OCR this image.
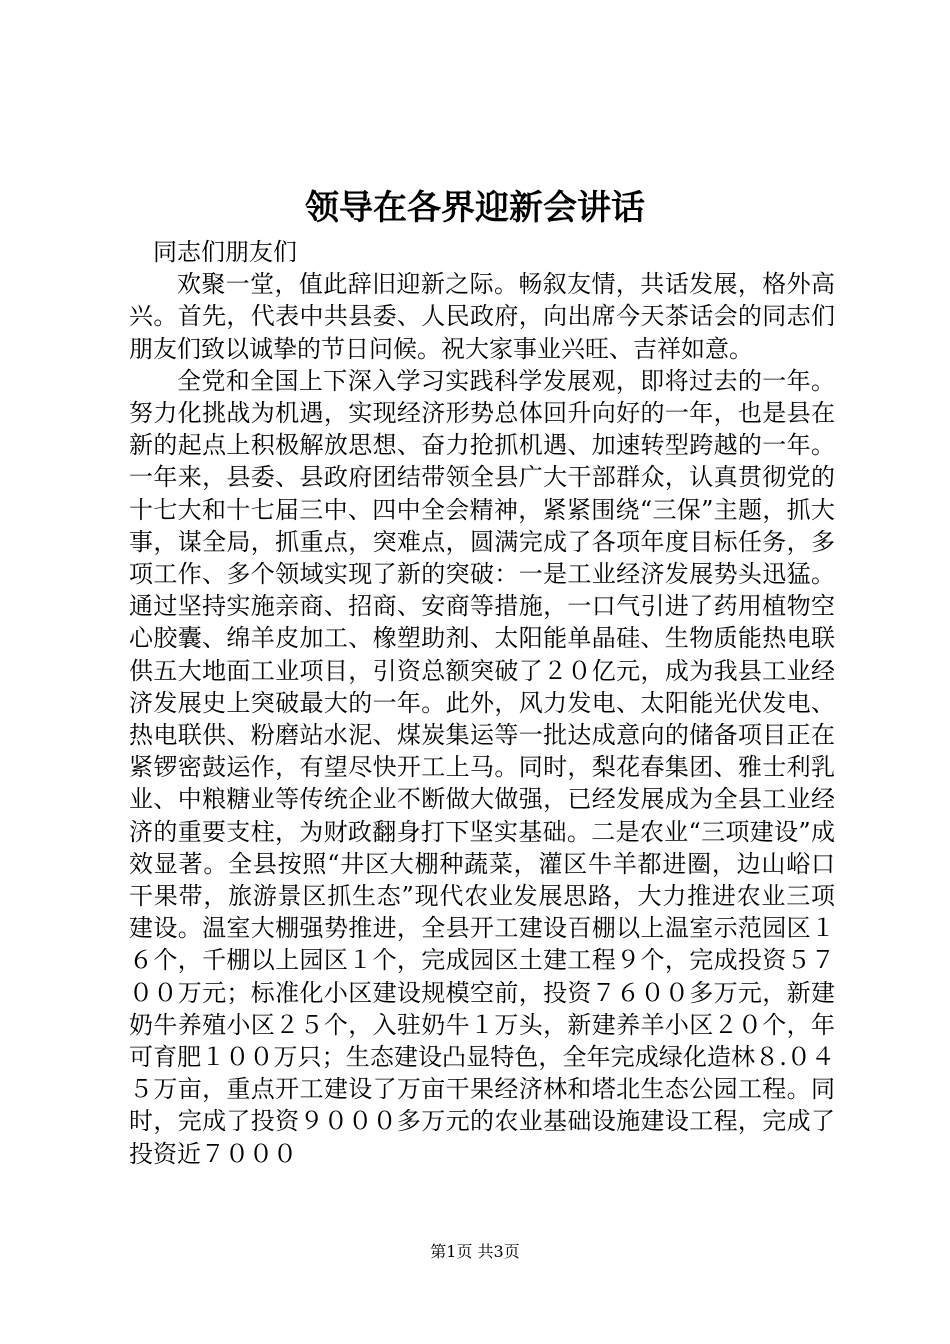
领导在各界迎新会讲话

同志们朋友们

欢聚一堂，值此辞旧迎新之际。畅叙友情，共话发展，格外高兴。首先，代表中共县委、人民政府，向出席今天茶话会的同志们朋友们致以诚挚的节日问候。祝大家事业兴旺、吉祥如意。

全党和全国上下深入学习实践科学发展观，即将过去的一年。努力化挑战为机遇，实现经济形势总体回升向好的一年，也是县在新的起点上积极解放思想、奋力抢抓机遇、加速转型跨越的一年。一年来，县委、县政府团结带领全县广大干部群众，认真贯彻党的十七大和十七届三中、四中全会精神，紧紧围绕“三保”主题，抓大事，谋全局，抓重点，突难点，圆满完成了各项年度目标任务，多项工作、多个领域实现了新的突破：一是工业经济发展势头迅猛。通过坚持实施亲商、招商、安商等措施，一口气引进了药用植物空心胶囊、绵羊皮加工、橡塑助剂、太阳能单晶硅、生物质能热电联供五大地面工业项目，引资总额突破了２０亿元，成为我县工业经济发展史上突破最大的一年。此外，风力发电、太阳能光伏发电、热电联供、粉磨站水泥、煤炭集运等一批达成意向的储备项目正在紧锣密鼓运作，有望尽快开工上马。同时，梨花春集团、雅士利乳业、中粮糖业等传统企业不断做大做强，已经发展成为全县工业经济的重要支柱，为财政翻身打下坚实基础。二是农业“三项建设”成效显著。全县按照“井区大棚种蔬菜，灌区牛羊都进圈，边山峪口干果带，旅游景区抓生态”现代农业发展思路，大力推进农业三项建设。温室大棚强势推进，全县开工建设百棚以上温室示范园区１６个，千棚以上园区１个，完成园区土建工程９个，完成投资５７００万元；标准化小区建设规模空前，投资７６００多万元，新建奶牛养殖小区２５个，入驻奶牛１万头，新建养羊小区２０个，年可育肥１００万只；生态建设凸显特色，全年完成绿化造林８.０４５万亩，重点开工建设了万亩干果经济林和塔北生态公园工程。同时，完成了投资９０００多万元的农业基础设施建设工程，完成了投资近７０００

第1页 共3页
